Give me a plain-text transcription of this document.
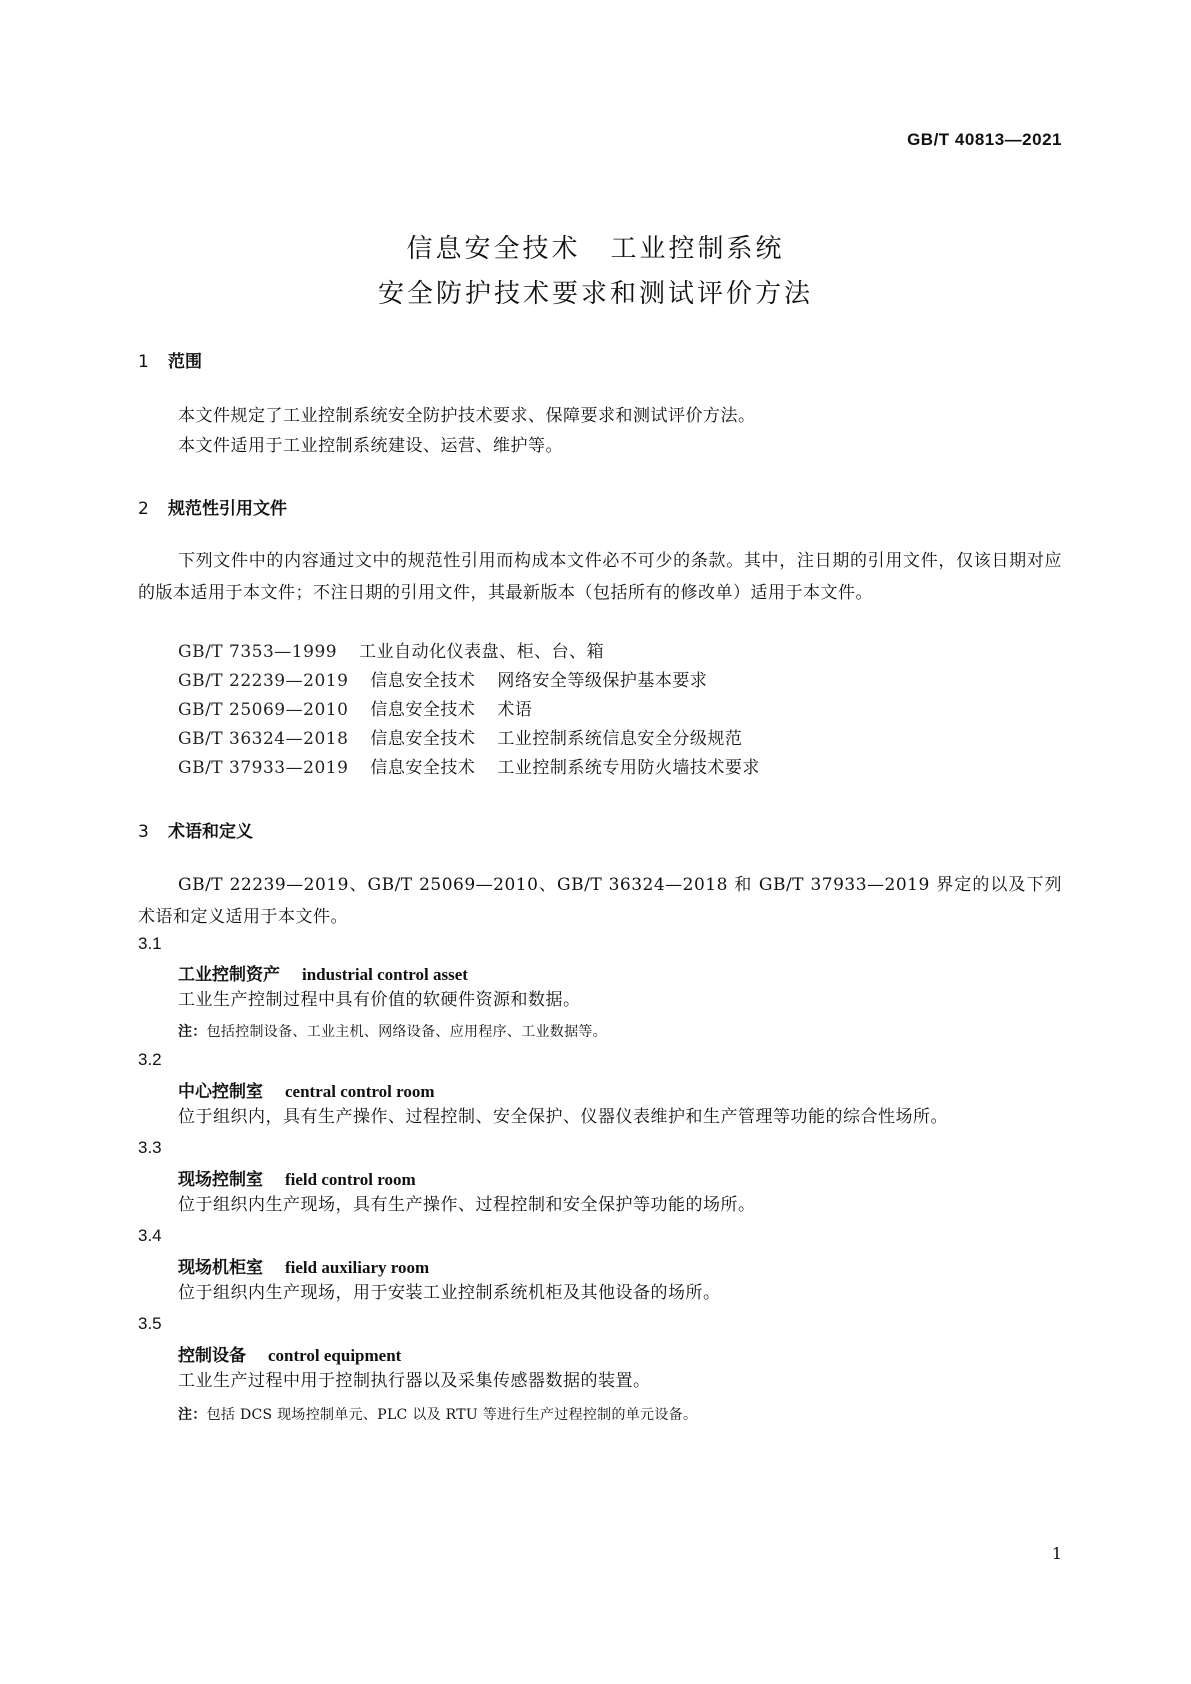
GB/T 40813—2021
信息安全技术 工业控制系统
安全防护技术要求和测试评价方法
1 范围
本文件规定了工业控制系统安全防护技术要求、保障要求和测试评价方法。
本文件适用于工业控制系统建设、运营、维护等。
2 规范性引用文件
下列文件中的内容通过文中的规范性引用而构成本文件必不可少的条款。其中，注日期的引用文件，仅该日期对应的版本适用于本文件；不注日期的引用文件，其最新版本（包括所有的修改单）适用于本文件。
GB/T 7353—1999 工业自动化仪表盘、柜、台、箱
GB/T 22239—2019 信息安全技术 网络安全等级保护基本要求
GB/T 25069—2010 信息安全技术 术语
GB/T 36324—2018 信息安全技术 工业控制系统信息安全分级规范
GB/T 37933—2019 信息安全技术 工业控制系统专用防火墙技术要求
3 术语和定义
GB/T 22239—2019、GB/T 25069—2010、GB/T 36324—2018 和 GB/T 37933—2019 界定的以及下列术语和定义适用于本文件。
3.1
工业控制资产 industrial control asset
工业生产控制过程中具有价值的软硬件资源和数据。
注：包括控制设备、工业主机、网络设备、应用程序、工业数据等。
3.2
中心控制室 central control room
位于组织内，具有生产操作、过程控制、安全保护、仪器仪表维护和生产管理等功能的综合性场所。
3.3
现场控制室 field control room
位于组织内生产现场，具有生产操作、过程控制和安全保护等功能的场所。
3.4
现场机柜室 field auxiliary room
位于组织内生产现场，用于安装工业控制系统机柜及其他设备的场所。
3.5
控制设备 control equipment
工业生产过程中用于控制执行器以及采集传感器数据的装置。
注：包括 DCS 现场控制单元、PLC 以及 RTU 等进行生产过程控制的单元设备。
1
